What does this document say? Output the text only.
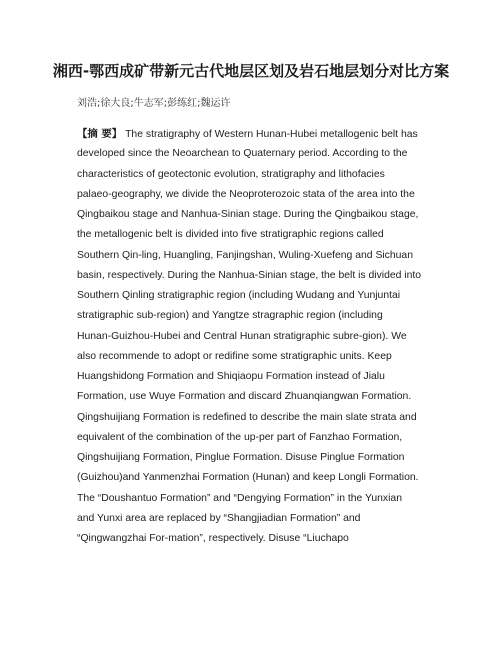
湘西-鄂西成矿带新元古代地层区划及岩石地层划分对比方案
刘浩;徐大良;牛志军;彭练红;魏运许
【摘 要】 The stratigraphy of Western Hunan-Hubei metallogenic belt has
developed since the Neoarchean to Quaternary period. According to the
characteristics of geotectonic evolution, stratigraphy and lithofacies
palaeo-geography, we divide the Neoproterozoic stata of the area into the
Qingbaikou stage and Nanhua-Sinian stage. During the Qingbaikou stage,
the metallogenic belt is divided into five stratigraphic regions called
Southern Qin-ling, Huangling, Fanjingshan, Wuling-Xuefeng and Sichuan
basin, respectively. During the Nanhua-Sinian stage, the belt is divided into
Southern Qinling stratigraphic region (including Wudang and Yunjuntai
stratigraphic sub-region) and Yangtze stragraphic region (including
Hunan-Guizhou-Hubei and Central Hunan stratigraphic subre-gion). We
also recommende to adopt or redifine some stratigraphic units. Keep
Huangshidong Formation and Shiqiaopu Formation instead of Jialu
Formation, use Wuye Formation and discard Zhuanqiangwan Formation.
Qingshuijiang Formation is redefined to describe the main slate strata and
equivalent of the combination of the up-per part of Fanzhao Formation,
Qingshuijiang Formation, Pinglue Formation. Disuse Pinglue Formation
(Guizhou)and Yanmenzhai Formation (Hunan) and keep Longli Formation.
The “Doushantuo Formation” and “Dengying Formation” in the Yunxian
and Yunxi area are replaced by “Shangjiadian Formation” and
“Qingwangzhai For-mation”, respectively. Disuse “Liuchapo
